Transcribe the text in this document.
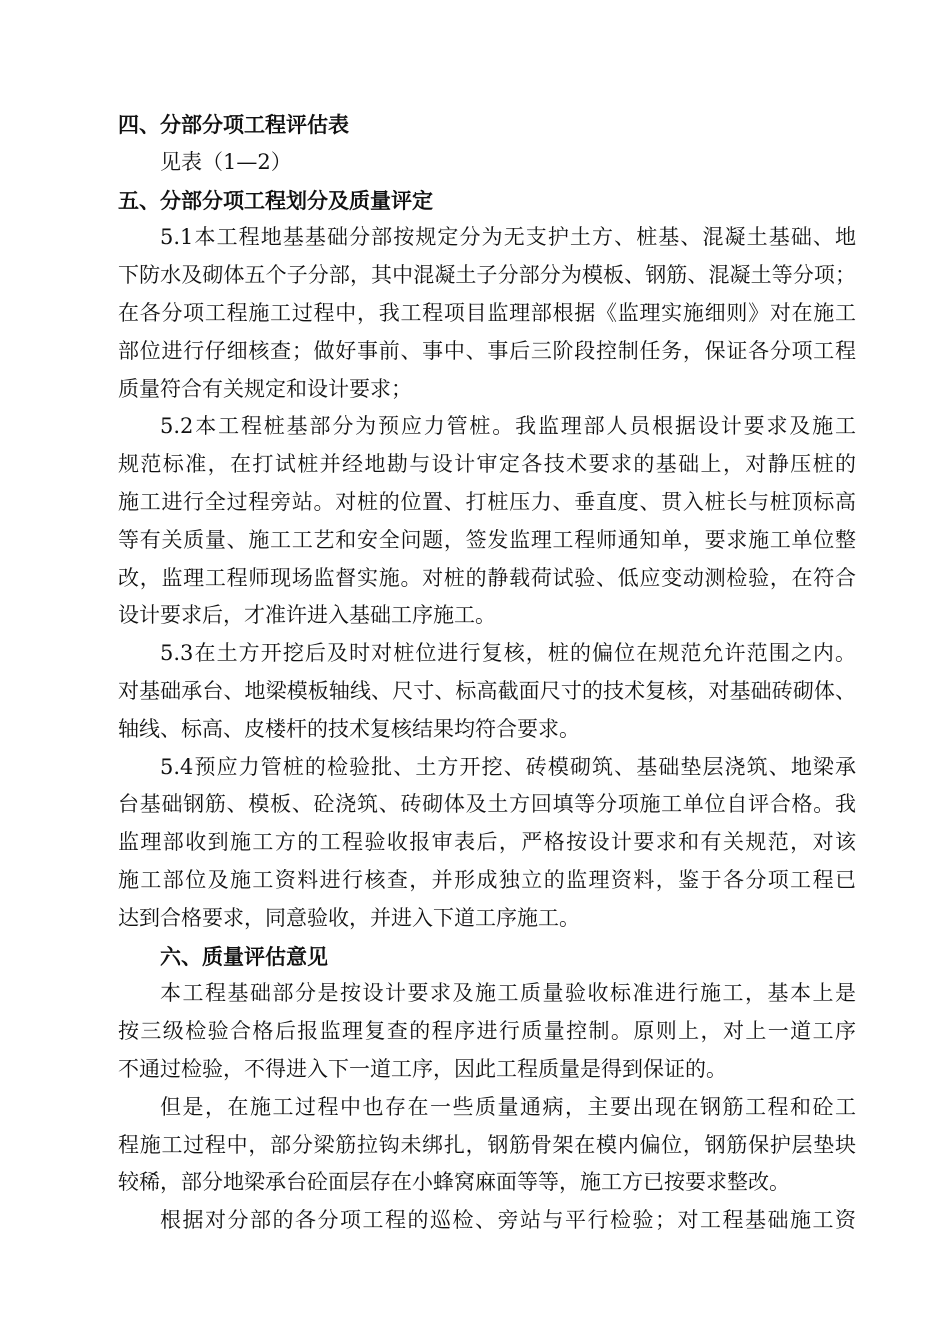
四、分部分项工程评估表
见表（1—2）
五、分部分项工程划分及质量评定
5.1本工程地基基础分部按规定分为无支护土方、桩基、混凝土基础、地
下防水及砌体五个子分部，其中混凝土子分部分为模板、钢筋、混凝土等分项；
在各分项工程施工过程中，我工程项目监理部根据《监理实施细则》对在施工
部位进行仔细核查；做好事前、事中、事后三阶段控制任务，保证各分项工程
质量符合有关规定和设计要求；
5.2本工程桩基部分为预应力管桩。我监理部人员根据设计要求及施工
规范标准，在打试桩并经地勘与设计审定各技术要求的基础上，对静压桩的
施工进行全过程旁站。对桩的位置、打桩压力、垂直度、贯入桩长与桩顶标高
等有关质量、施工工艺和安全问题，签发监理工程师通知单，要求施工单位整
改，监理工程师现场监督实施。对桩的静载荷试验、低应变动测检验，在符合
设计要求后，才准许进入基础工序施工。
5.3在土方开挖后及时对桩位进行复核，桩的偏位在规范允许范围之内。
对基础承台、地梁模板轴线、尺寸、标高截面尺寸的技术复核，对基础砖砌体、
轴线、标高、皮楼杆的技术复核结果均符合要求。
5.4预应力管桩的检验批、土方开挖、砖模砌筑、基础垫层浇筑、地梁承
台基础钢筋、模板、砼浇筑、砖砌体及土方回填等分项施工单位自评合格。我
监理部收到施工方的工程验收报审表后，严格按设计要求和有关规范，对该
施工部位及施工资料进行核查，并形成独立的监理资料，鉴于各分项工程已
达到合格要求，同意验收，并进入下道工序施工。
六、质量评估意见
本工程基础部分是按设计要求及施工质量验收标准进行施工，基本上是
按三级检验合格后报监理复查的程序进行质量控制。原则上，对上一道工序
不通过检验，不得进入下一道工序，因此工程质量是得到保证的。
但是，在施工过程中也存在一些质量通病，主要出现在钢筋工程和砼工
程施工过程中，部分梁筋拉钩未绑扎，钢筋骨架在模内偏位，钢筋保护层垫块
较稀，部分地梁承台砼面层存在小蜂窝麻面等等，施工方已按要求整改。
根据对分部的各分项工程的巡检、旁站与平行检验；对工程基础施工资
